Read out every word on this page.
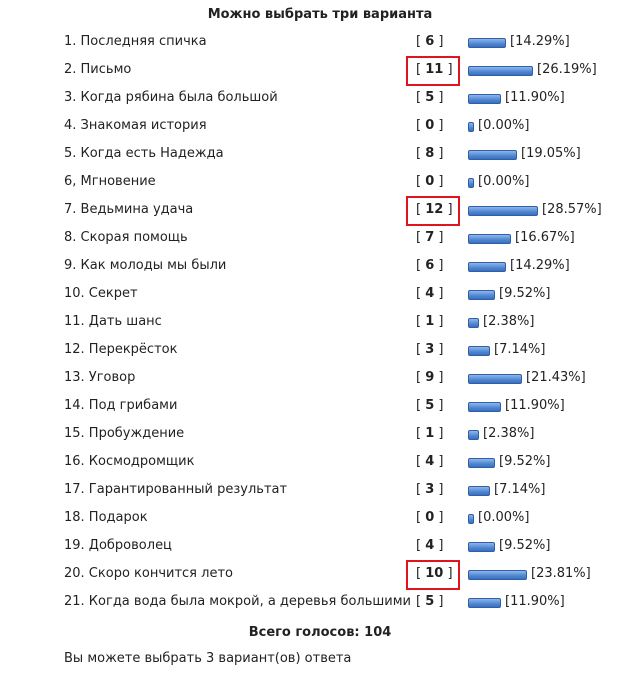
Можно выбрать три варианта
1. Последняя спичка	[ 6 ]	[14.29%]
2. Письмо	[ 11 ]	[26.19%]
3. Когда рябина была большой	[ 5 ]	[11.90%]
4. Знакомая история	[ 0 ]	[0.00%]
5. Когда есть Надежда	[ 8 ]	[19.05%]
6, Мгновение	[ 0 ]	[0.00%]
7. Ведьмина удача	[ 12 ]	[28.57%]
8. Скорая помощь	[ 7 ]	[16.67%]
9. Как молоды мы были	[ 6 ]	[14.29%]
10. Секрет	[ 4 ]	[9.52%]
11. Дать шанс	[ 1 ]	[2.38%]
12. Перекрёсток	[ 3 ]	[7.14%]
13. Уговор	[ 9 ]	[21.43%]
14. Под грибами	[ 5 ]	[11.90%]
15. Пробуждение	[ 1 ]	[2.38%]
16. Космодромщик	[ 4 ]	[9.52%]
17. Гарантированный результат	[ 3 ]	[7.14%]
18. Подарок	[ 0 ]	[0.00%]
19. Доброволец	[ 4 ]	[9.52%]
20. Скоро кончится лето	[ 10 ]	[23.81%]
21. Когда вода была мокрой, а деревья большими [ 5 ]	[11.90%]
Всего голосов: 104
Вы можете выбрать 3 вариант(ов) ответа
